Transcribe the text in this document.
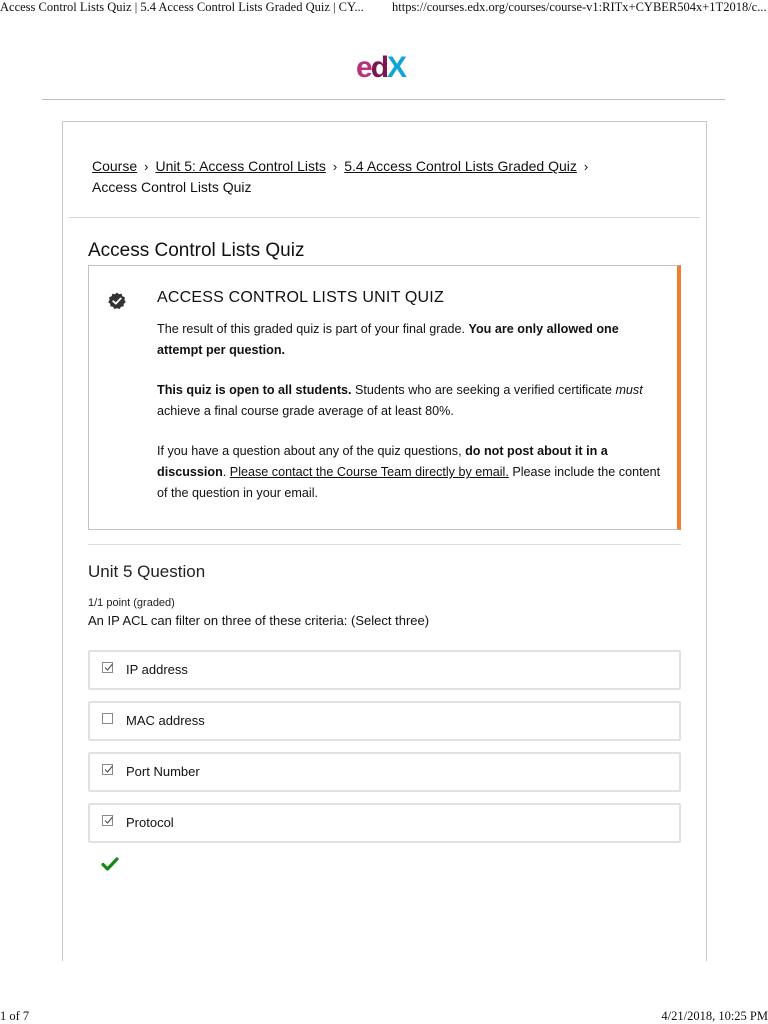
Access Control Lists Quiz | 5.4 Access Control Lists Graded Quiz | CY... https://courses.edx.org/courses/course-v1:RITx+CYBER504x+1T2018/c...
edX
Course › Unit 5: Access Control Lists › 5.4 Access Control Lists Graded Quiz ›
Access Control Lists Quiz
Access Control Lists Quiz
ACCESS CONTROL LISTS UNIT QUIZ

The result of this graded quiz is part of your final grade. You are only allowed one attempt per question.

This quiz is open to all students. Students who are seeking a verified certificate must achieve a final course grade average of at least 80%.

If you have a question about any of the quiz questions, do not post about it in a discussion. Please contact the Course Team directly by email. Please include the content of the question in your email.

Unit 5 Question
1/1 point (graded)
An IP ACL can filter on three of these criteria: (Select three)
IP address
MAC address
Port Number
Protocol
1 of 7	4/21/2018, 10:25 PM
